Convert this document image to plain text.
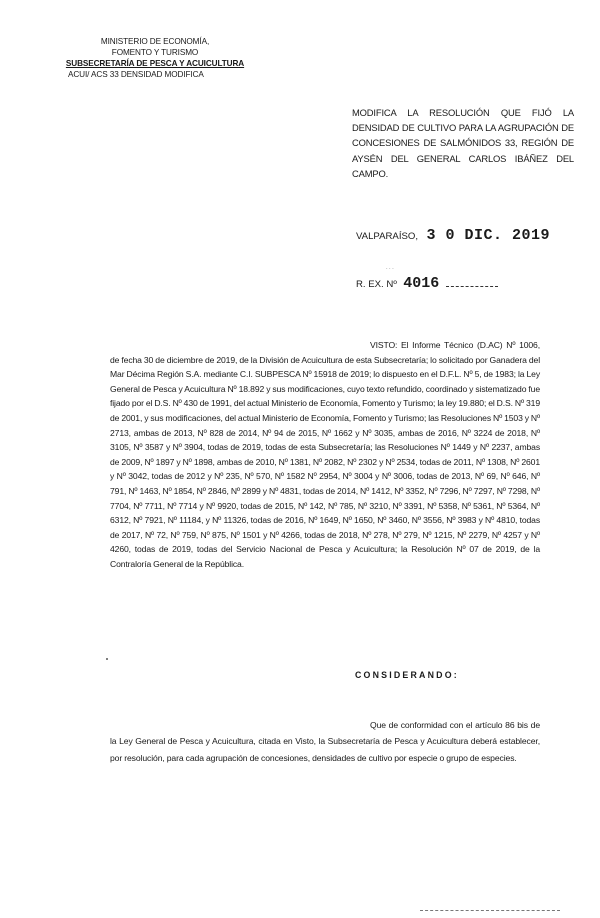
MINISTERIO DE ECONOMÍA,
FOMENTO Y TURISMO
SUBSECRETARÍA DE PESCA Y ACUICULTURA
ACUI/ ACS 33 DENSIDAD MODIFICA
MODIFICA LA RESOLUCIÓN QUE FIJÓ LA DENSIDAD DE CULTIVO PARA LA AGRUPACIÓN DE CONCESIONES DE SALMÓNIDOS 33, REGIÓN DE AYSÉN DEL GENERAL CARLOS IBÁÑEZ DEL CAMPO.
VALPARAÍSO, 3 0 DIC. 2019
· · ·
R. EX. Nº 4016
VISTO: El Informe Técnico (D.AC) Nº 1006, de fecha 30 de diciembre de 2019, de la División de Acuicultura de esta Subsecretaría; lo solicitado por Ganadera del Mar Décima Región S.A. mediante C.I. SUBPESCA Nº 15918 de 2019; lo dispuesto en el D.F.L. Nº 5, de 1983; la Ley General de Pesca y Acuicultura Nº 18.892 y sus modificaciones, cuyo texto refundido, coordinado y sistematizado fue fijado por el D.S. Nº 430 de 1991, del actual Ministerio de Economía, Fomento y Turismo; la ley 19.880; el D.S. Nº 319 de 2001, y sus modificaciones, del actual Ministerio de Economía, Fomento y Turismo; las Resoluciones Nº 1503 y Nº 2713, ambas de 2013, Nº 828 de 2014, Nº 94 de 2015, Nº 1662 y Nº 3035, ambas de 2016, Nº 3224 de 2018, Nº 3105, Nº 3587 y Nº 3904, todas de 2019, todas de esta Subsecretaría; las Resoluciones Nº 1449 y Nº 2237, ambas de 2009, Nº 1897 y Nº 1898, ambas de 2010, Nº 1381, Nº 2082, Nº 2302 y Nº 2534, todas de 2011, Nº 1308, Nº 2601 y Nº 3042, todas de 2012 y Nº 235, Nº 570, Nº 1582 Nº 2954, Nº 3004 y Nº 3006, todas de 2013, Nº 69, Nº 646, Nº 791, Nº 1463, Nº 1854, Nº 2846, Nº 2899 y Nº 4831, todas de 2014, Nº 1412, Nº 3352, Nº 7296, Nº 7297, Nº 7298, Nº 7704, Nº 7711, Nº 7714 y Nº 9920, todas de 2015, Nº 142, Nº 785, Nº 3210, Nº 3391, Nº 5358, Nº 5361, Nº 5364, Nº 6312, Nº 7921, Nº 11184, y Nº 11326, todas de 2016, Nº 1649, Nº 1650, Nº 3460, Nº 3556, Nº 3983 y Nº 4810, todas de 2017, Nº 72, Nº 759, Nº 875, Nº 1501 y Nº 4266, todas de 2018, Nº 278, Nº 279, Nº 1215, Nº 2279, Nº 4257 y Nº 4260, todas de 2019, todas del Servicio Nacional de Pesca y Acuicultura; la Resolución Nº 07 de 2019, de la Contraloría General de la República.
CONSIDERANDO:
Que de conformidad con el artículo 86 bis de la Ley General de Pesca y Acuicultura, citada en Visto, la Subsecretaría de Pesca y Acuicultura deberá establecer, por resolución, para cada agrupación de concesiones, densidades de cultivo por especie o grupo de especies.
